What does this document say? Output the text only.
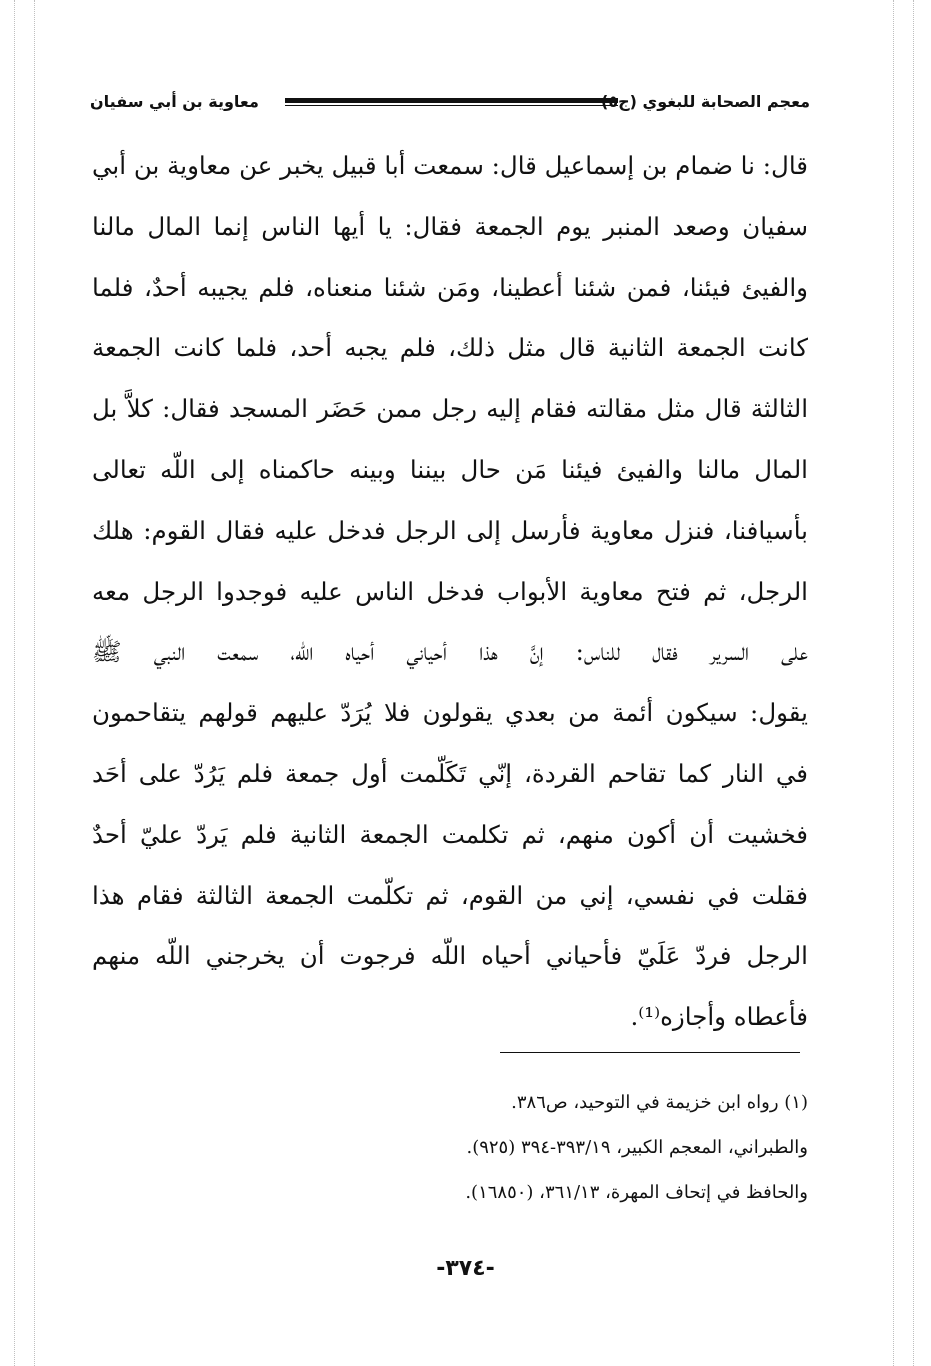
معجم الصحابة للبغوي (ج
معاوية بن أبي سفيان
قال: نا ضمام بن إسماعيل قال: سمعت أبا قبيل يخبر عن معاوية بن أبي
سفيان وصعد المنبر يوم الجمعة فقال: يا أيها الناس إنما المال مالنا
والفيئ فيئنا، فمن شئنا أعطينا، ومَن شئنا منعناه، فلم يجيبه أحدٌ، فلما
كانت الجمعة الثانية قال مثل ذلك، فلم يجبه أحد، فلما كانت الجمعة
الثالثة قال مثل مقالته فقام إليه رجل ممن حَضَر المسجد فقال: كلاَّ بل
المال مالنا والفيئ فيئنا مَن حال بيننا وبينه حاكمناه إلى اللّه تعالى
بأسيافنا، فنزل معاوية فأرسل إلى الرجل فدخل عليه فقال القوم: هلك
الرجل، ثم فتح معاوية الأبواب فدخل الناس عليه فوجدوا الرجل معه
على السرير فقال للناس: إنَّ هذا أحياني أحياه اللّه، سمعت النبي ﷺ
يقول: سيكون أئمة من بعدي يقولون فلا يُرَدّ عليهم قولهم يتقاحمون
في النار كما تقاحم القردة، إنّي تَكَلّمت أول جمعة فلم يَرُدّ على أحَد
فخشيت أن أكون منهم، ثم تكلمت الجمعة الثانية فلم يَردّ عليّ أحدٌ
فقلت في نفسي، إني من القوم، ثم تكلّمت الجمعة الثالثة فقام هذا
الرجل فردّ عَلَيّ فأحياني أحياه اللّه فرجوت أن يخرجني اللّه منهم
فأعطاه وأجازه⁽¹⁾.
(١) رواه ابن خزيمة في التوحيد، ص٣٨٦.
والطبراني، المعجم الكبير، ٣٩٣/١٩-٣٩٤ (٩٢٥).
والحافظ في إتحاف المهرة، ٣٦١/١٣، (١٦٨٥٠).
-٣٧٤-
